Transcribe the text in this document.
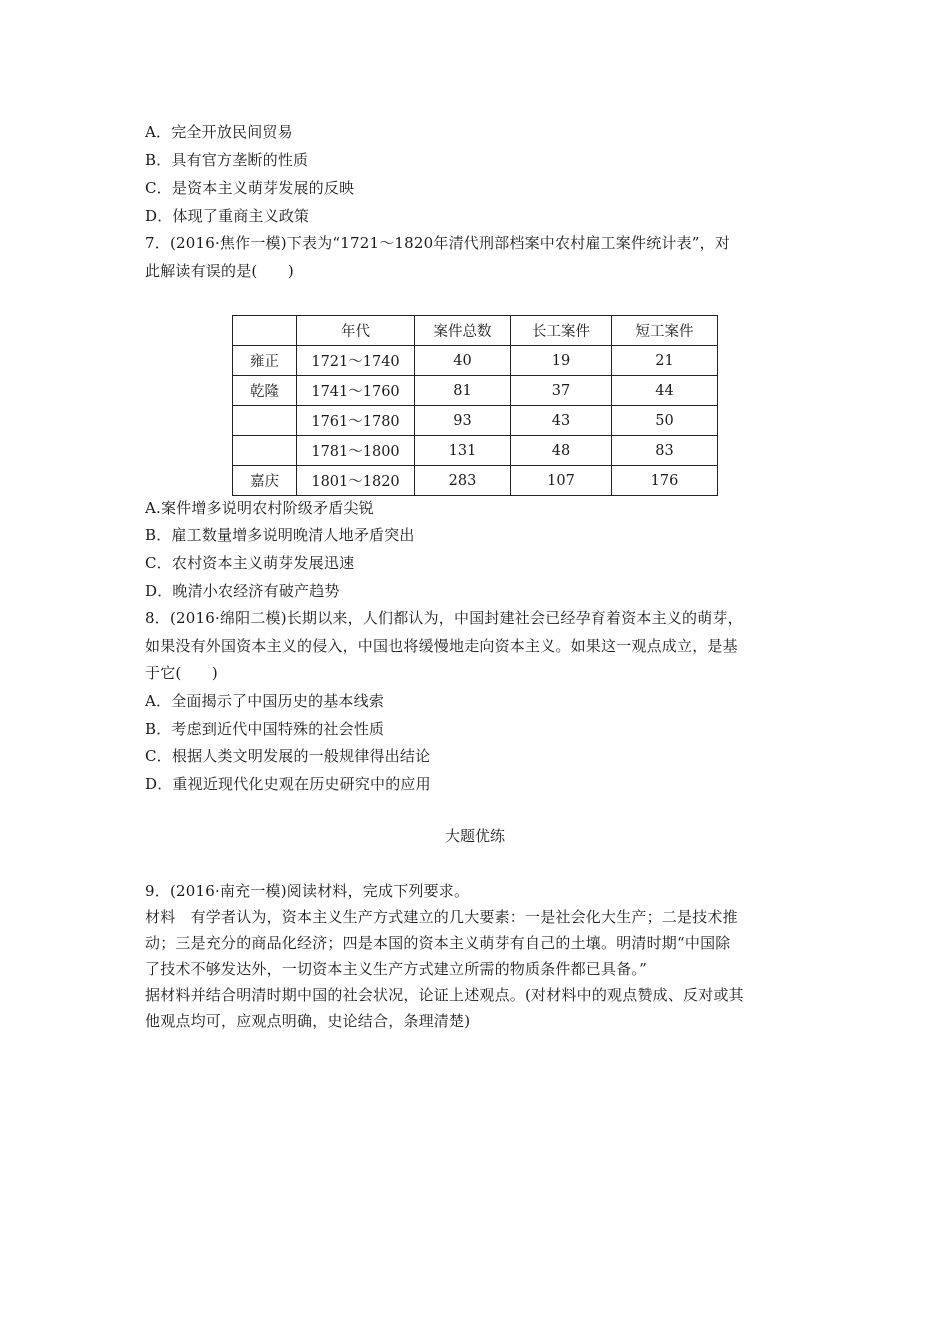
A．完全开放民间贸易
B．具有官方垄断的性质
C．是资本主义萌芽发展的反映
D．体现了重商主义政策
7．(2016·焦作一模)下表为“1721～1820年清代刑部档案中农村雇工案件统计表”，对
此解读有误的是(　　)
	年代	案件总数	长工案件	短工案件
雍正	1721～1740	40	19	21
乾隆	1741～1760	81	37	44
	1761～1780	93	43	50
	1781～1800	131	48	83
嘉庆	1801～1820	283	107	176
A.案件增多说明农村阶级矛盾尖锐
B．雇工数量增多说明晚清人地矛盾突出
C．农村资本主义萌芽发展迅速
D．晚清小农经济有破产趋势
8．(2016·绵阳二模)长期以来，人们都认为，中国封建社会已经孕育着资本主义的萌芽，
如果没有外国资本主义的侵入，中国也将缓慢地走向资本主义。如果这一观点成立，是基
于它(　　)
A．全面揭示了中国历史的基本线索
B．考虑到近代中国特殊的社会性质
C．根据人类文明发展的一般规律得出结论
D．重视近现代化史观在历史研究中的应用
大题优练
9．(2016·南充一模)阅读材料，完成下列要求。
材料　有学者认为，资本主义生产方式建立的几大要素：一是社会化大生产；二是技术推
动；三是充分的商品化经济；四是本国的资本主义萌芽有自己的土壤。明清时期“中国除
了技术不够发达外，一切资本主义生产方式建立所需的物质条件都已具备。”
据材料并结合明清时期中国的社会状况，论证上述观点。(对材料中的观点赞成、反对或其
他观点均可，应观点明确，史论结合，条理清楚)
